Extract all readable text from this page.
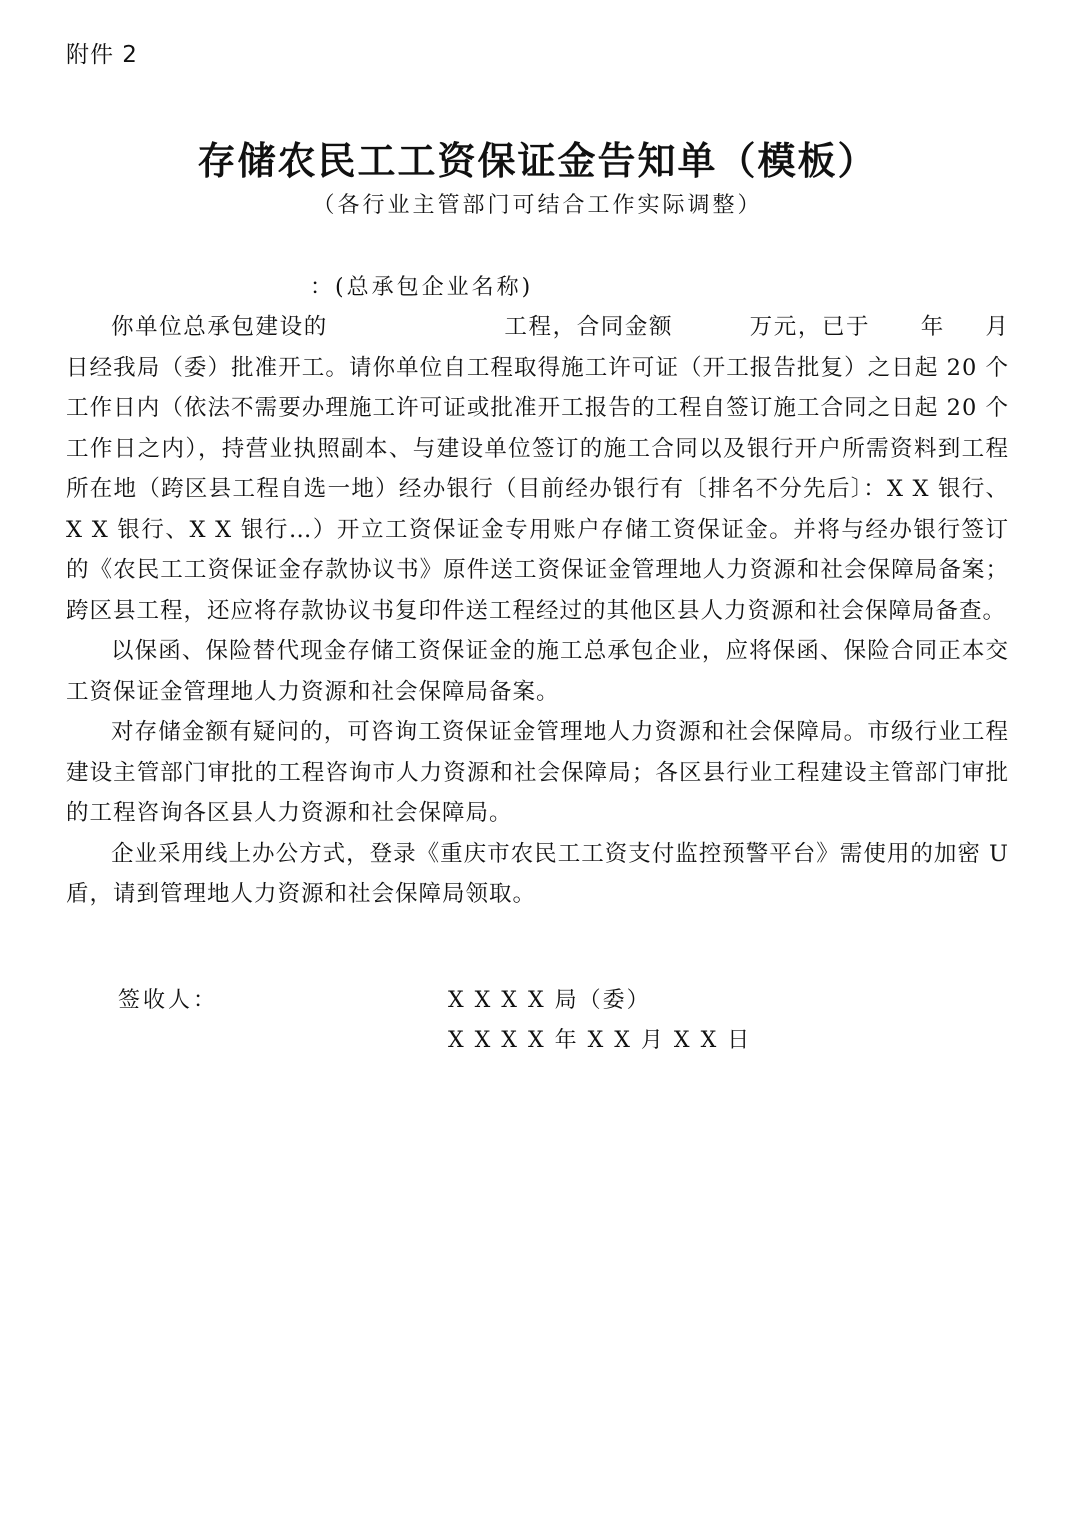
附件 2
存储农民工工资保证金告知单（模板）
（各行业主管部门可结合工作实际调整）
：(总承包企业名称)

你单位总承包建设的	工程，合同金额	万元，已于 年 月日经我局（委）批准开工。请你单位自工程取得施工许可证（开工报告批复）之日起 20 个工作日内（依法不需要办理施工许可证或批准开工报告的工程自签订施工合同之日起 20 个工作日之内），持营业执照副本、与建设单位签订的施工合同以及银行开户所需资料到工程所在地（跨区县工程自选一地）经办银行（目前经办银行有〔排名不分先后〕：X X 银行、X X 银行、X X 银行…）开立工资保证金专用账户存储工资保证金。并将与经办银行签订的《农民工工资保证金存款协议书》原件送工资保证金管理地人力资源和社会保障局备案；跨区县工程，还应将存款协议书复印件送工程经过的其他区县人力资源和社会保障局备查。

以保函、保险替代现金存储工资保证金的施工总承包企业，应将保函、保险合同正本交工资保证金管理地人力资源和社会保障局备案。

对存储金额有疑问的，可咨询工资保证金管理地人力资源和社会保障局。市级行业工程建设主管部门审批的工程咨询市人力资源和社会保障局；各区县行业工程建设主管部门审批的工程咨询各区县人力资源和社会保障局。

企业采用线上办公方式，登录《重庆市农民工工资支付监控预警平台》需使用的加密 U 盾，请到管理地人力资源和社会保障局领取。

签收人：	X X X X 局（委）
X X X X 年 X X 月 X X 日
